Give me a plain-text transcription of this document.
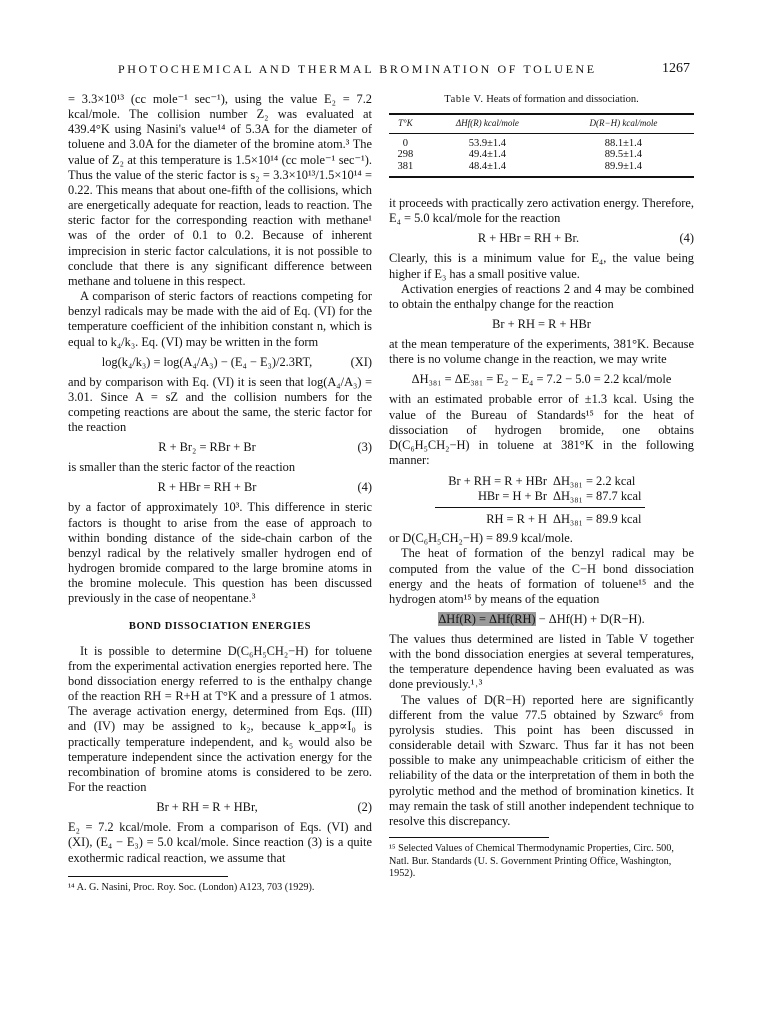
PHOTOCHEMICAL AND THERMAL BROMINATION OF TOLUENE	1267

= 3.3×10¹³ (cc mole⁻¹ sec⁻¹), using the value E₂ = 7.2 kcal/mole. The collision number Z₂ was evaluated at 439.4°K using Nasini's value¹⁴ of 5.3A for the diameter of toluene and 3.0A for the diameter of the bromine atom.³ The value of Z₂ at this temperature is 1.5×10¹⁴ (cc mole⁻¹ sec⁻¹). Thus the value of the steric factor is s₂ = 3.3×10¹³/1.5×10¹⁴ = 0.22. This means that about one-fifth of the collisions, which are energetically adequate for reaction, leads to reaction. The steric factor for the corresponding reaction with methane¹ was of the order of 0.1 to 0.2. Because of inherent imprecision in steric factor calculations, it is not possible to conclude that there is any significant difference between methane and toluene in this respect.

A comparison of steric factors of reactions competing for benzyl radicals may be made with the aid of Eq. (VI) for the temperature coefficient of the inhibition constant n, which is equal to k₄/k₃. Eq. (VI) may be written in the form

log(k₄/k₃) = log(A₄/A₃) − (E₄ − E₃)/2.3RT,	(XI)

and by comparison with Eq. (VI) it is seen that log(A₄/A₃) = 3.01. Since A = sZ and the collision numbers for the competing reactions are about the same, the steric factor for the reaction

R + Br₂ = RBr + Br	(3)

is smaller than the steric factor of the reaction

R + HBr = RH + Br	(4)

by a factor of approximately 10³. This difference in steric factors is thought to arise from the ease of approach to within bonding distance of the side-chain carbon of the benzyl radical by the relatively smaller hydrogen end of hydrogen bromide compared to the large bromine atoms in the bromine molecule. This question has been discussed previously in the case of neopentane.³

BOND DISSOCIATION ENERGIES

It is possible to determine D(C₆H₅CH₂−H) for toluene from the experimental activation energies reported here. The bond dissociation energy referred to is the enthalpy change of the reaction RH = R+H at T°K and a pressure of 1 atmos. The average activation energy, determined from Eqs. (III) and (IV) may be assigned to k₂, because k_app∝I₀ is practically temperature independent, and k₅ would also be temperature independent since the activation energy for the recombination of bromine atoms is considered to be zero. For the reaction

Br + RH = R + HBr,	(2)

E₂ = 7.2 kcal/mole. From a comparison of Eqs. (VI) and (XI), (E₄ − E₃) = 5.0 kcal/mole. Since reaction (3) is a quite exothermic radical reaction, we assume that

¹⁴ A. G. Nasini, Proc. Roy. Soc. (London) A123, 703 (1929).
Table V. Heats of formation and dissociation.
T°K	ΔHf(R) kcal/mole	D(R−H) kcal/mole
0	53.9±1.4	88.1±1.4
298	49.4±1.4	89.5±1.4
381	48.4±1.4	89.9±1.4

it proceeds with practically zero activation energy. Therefore, E₄ = 5.0 kcal/mole for the reaction

R + HBr = RH + Br.	(4)

Clearly, this is a minimum value for E₄, the value being higher if E₃ has a small positive value.

Activation energies of reactions 2 and 4 may be combined to obtain the enthalpy change for the reaction

Br + RH = R + HBr

at the mean temperature of the experiments, 381°K. Because there is no volume change in the reaction, we may write

ΔH₃₈₁ = ΔE₃₈₁ = E₂ − E₄ = 7.2 − 5.0 = 2.2 kcal/mole

with an estimated probable error of ±1.3 kcal. Using the value of the Bureau of Standards¹⁵ for the heat of dissociation of hydrogen bromide, one obtains D(C₆H₅CH₂−H) in toluene at 381°K in the following manner:

Br + RH = R + HBr ΔH₃₈₁ = 2.2 kcal
HBr = H + Br ΔH₃₈₁ = 87.7 kcal
RH = R + H ΔH₃₈₁ = 89.9 kcal

or D(C₆H₅CH₂−H) = 89.9 kcal/mole.

The heat of formation of the benzyl radical may be computed from the value of the C−H bond dissociation energy and the heats of formation of toluene¹⁵ and the hydrogen atom¹⁵ by means of the equation

ΔHf(R) = ΔHf(RH) − ΔHf(H) + D(R−H).

The values thus determined are listed in Table V together with the bond dissociation energies at several temperatures, the temperature dependence having been evaluated as was done previously.¹˒³

The values of D(R−H) reported here are significantly different from the value 77.5 obtained by Szwarc⁶ from pyrolysis studies. This point has been discussed in considerable detail with Szwarc. Thus far it has not been possible to make any unimpeachable criticism of either the reliability of the data or the interpretation of them in both the pyrolytic method and the method of bromination kinetics. It may remain the task of still another independent technique to resolve this discrepancy.

¹⁵ Selected Values of Chemical Thermodynamic Properties, Circ. 500, Natl. Bur. Standards (U. S. Government Printing Office, Washington, 1952).
